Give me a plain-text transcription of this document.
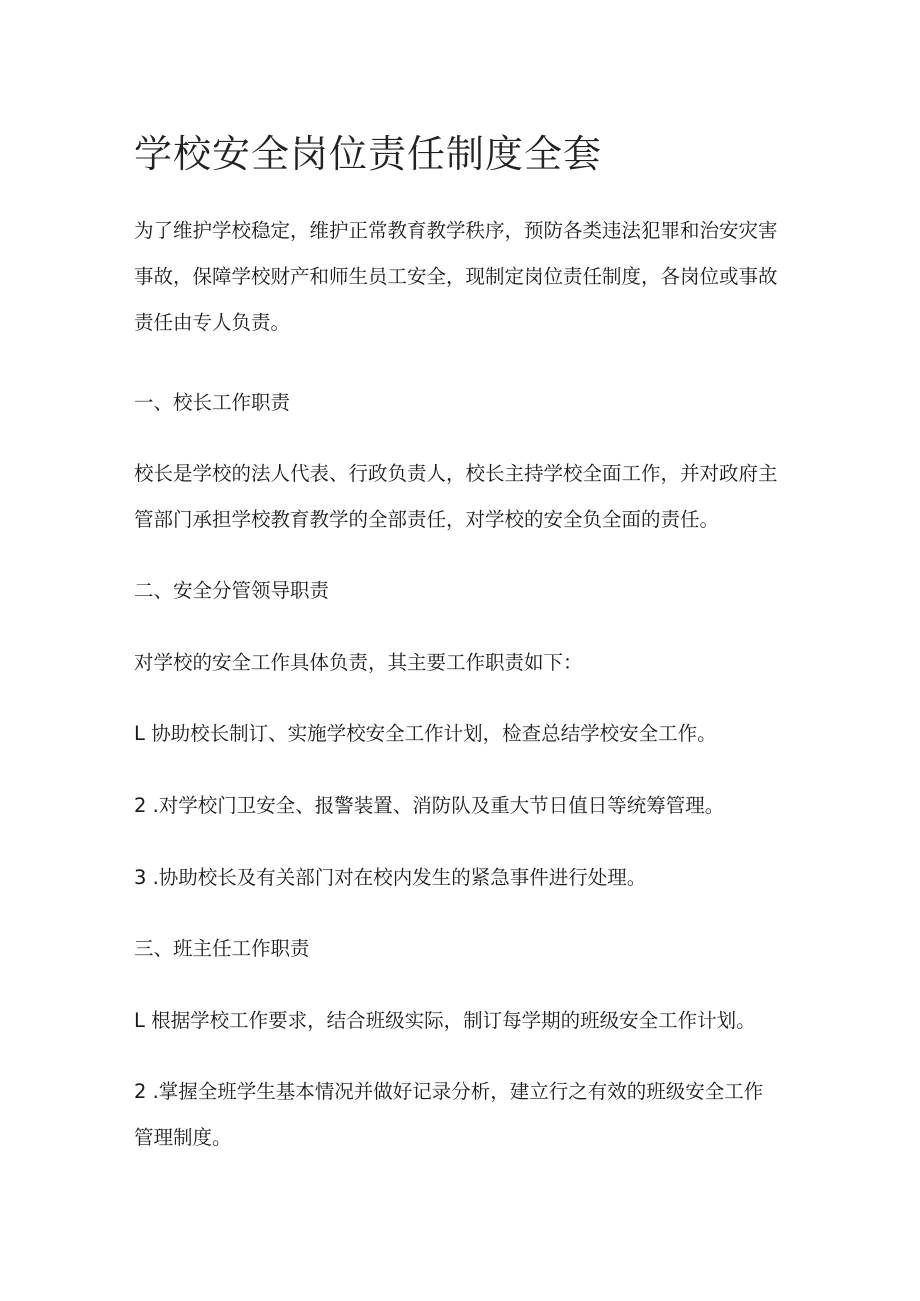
学校安全岗位责任制度全套
为了维护学校稳定，维护正常教育教学秩序，预防各类违法犯罪和治安灾害
事故，保障学校财产和师生员工安全，现制定岗位责任制度，各岗位或事故
责任由专人负责。
一、校长工作职责
校长是学校的法人代表、行政负责人，校长主持学校全面工作，并对政府主
管部门承担学校教育教学的全部责任，对学校的安全负全面的责任。
二、安全分管领导职责

对学校的安全工作具体负责，其主要工作职责如下：

L 协助校长制订、实施学校安全工作计划，检查总结学校安全工作。

2 .对学校门卫安全、报警装置、消防队及重大节日值日等统筹管理。

3 .协助校长及有关部门对在校内发生的紧急事件进行处理。

三、班主任工作职责

L 根据学校工作要求，结合班级实际，制订每学期的班级安全工作计划。

2 .掌握全班学生基本情况并做好记录分析，建立行之有效的班级安全工作
管理制度。
